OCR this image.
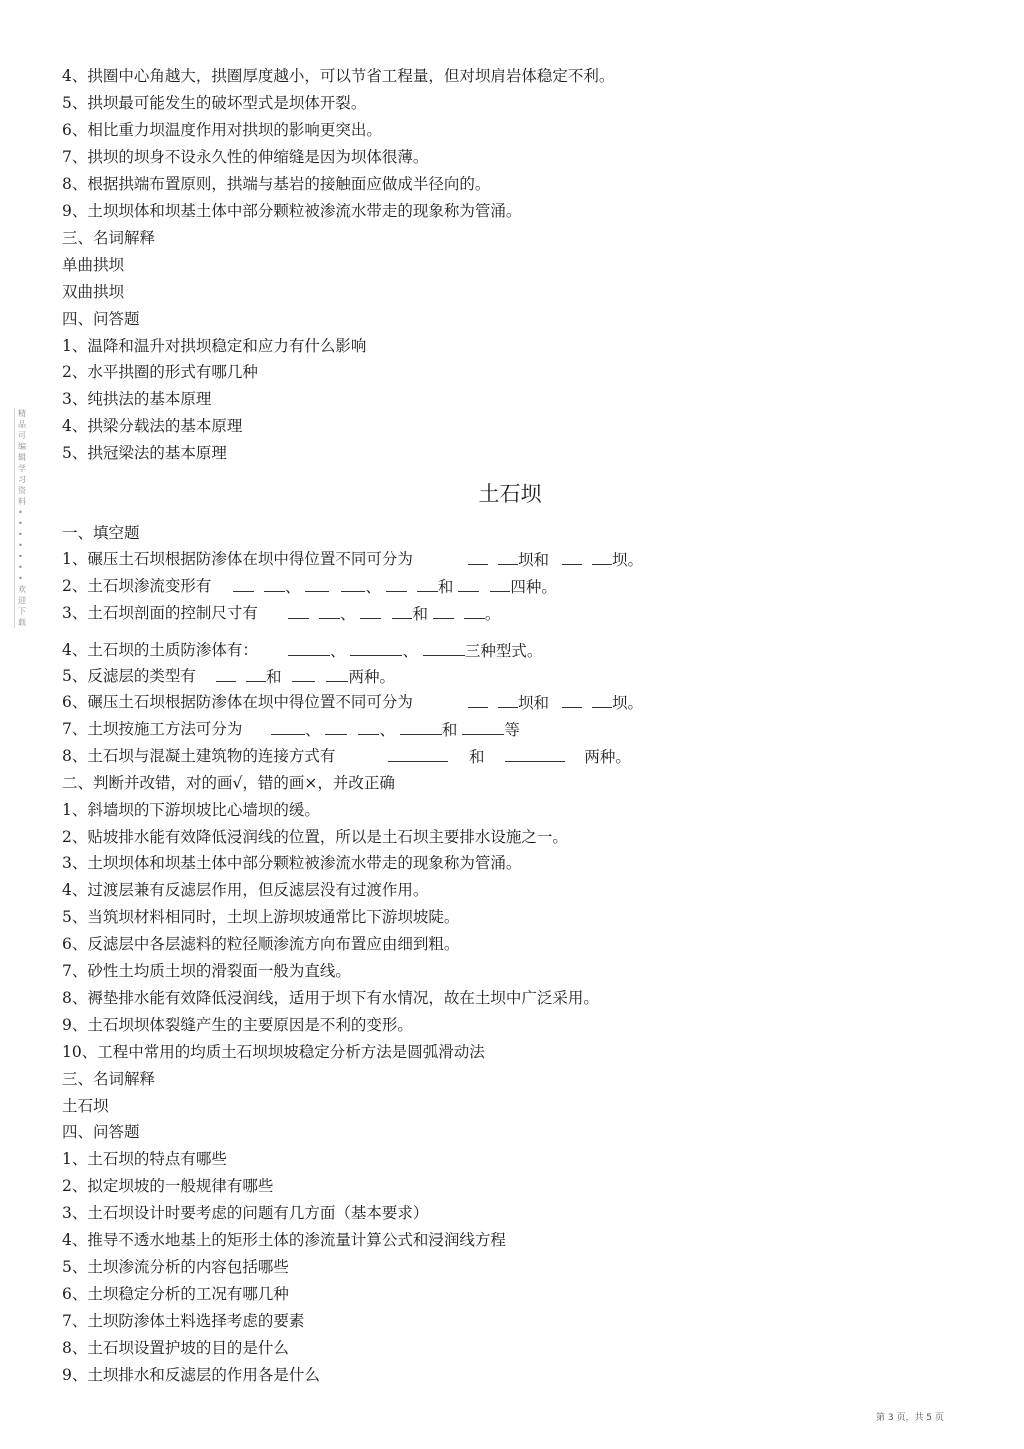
精
品
可
编
辑
学
习
资
料
•
•
•
•
•
•
•
欢
迎
下
载
4、拱圈中心角越大，拱圈厚度越小，可以节省工程量，但对坝肩岩体稳定不利。
5、拱坝最可能发生的破坏型式是坝体开裂。
6、相比重力坝温度作用对拱坝的影响更突出。
7、拱坝的坝身不设永久性的伸缩缝是因为坝体很薄。
8、根据拱端布置原则，拱端与基岩的接触面应做成半径向的。
9、土坝坝体和坝基土体中部分颗粒被渗流水带走的现象称为管涌。
三、名词解释
单曲拱坝
双曲拱坝
四、问答题
1、温降和温升对拱坝稳定和应力有什么影响
2、水平拱圈的形式有哪几种
3、纯拱法的基本原理
4、拱梁分载法的基本原理
5、拱冠梁法的基本原理
土石坝
一、填空题
1、碾压土石坝根据防渗体在坝中得位置不同可分为	坝和	坝。
2、土石坝渗流变形有	、	、	和	四种。
3、土石坝剖面的控制尺寸有	、	和	。
4、土石坝的土质防渗体有：	、	、	三种型式。
5、反滤层的类型有	和	两种。
6、碾压土石坝根据防渗体在坝中得位置不同可分为	坝和	坝。
7、土坝按施工方法可分为	、	、	和	等
8、土石坝与混凝土建筑物的连接方式有	和	两种。
二、判断并改错，对的画√，错的画×，并改正确
1、斜墙坝的下游坝坡比心墙坝的缓。
2、贴坡排水能有效降低浸润线的位置，所以是土石坝主要排水设施之一。
3、土坝坝体和坝基土体中部分颗粒被渗流水带走的现象称为管涌。
4、过渡层兼有反滤层作用，但反滤层没有过渡作用。
5、当筑坝材料相同时，土坝上游坝坡通常比下游坝坡陡。
6、反滤层中各层滤料的粒径顺渗流方向布置应由细到粗。
7、砂性土均质土坝的滑裂面一般为直线。
8、褥垫排水能有效降低浸润线，适用于坝下有水情况，故在土坝中广泛采用。
9、土石坝坝体裂缝产生的主要原因是不利的变形。
10、工程中常用的均质土石坝坝坡稳定分析方法是圆弧滑动法
三、名词解释
土石坝
四、问答题
1、土石坝的特点有哪些
2、拟定坝坡的一般规律有哪些
3、土石坝设计时要考虑的问题有几方面（基本要求）
4、推导不透水地基上的矩形土体的渗流量计算公式和浸润线方程
5、土坝渗流分析的内容包括哪些
6、土坝稳定分析的工况有哪几种
7、土坝防渗体土料选择考虑的要素
8、土石坝设置护坡的目的是什么
9、土坝排水和反滤层的作用各是什么
第 3 页，共 5 页
